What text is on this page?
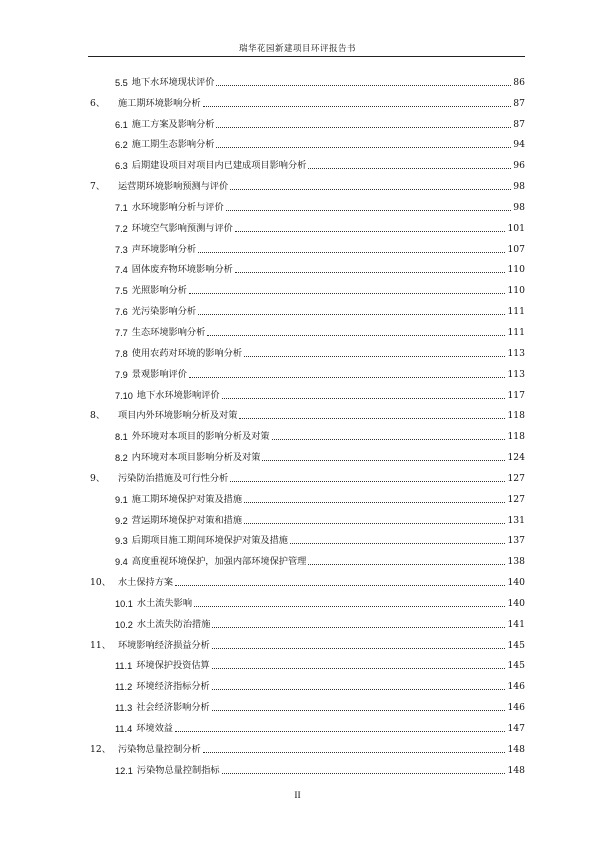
瑞华花园新建项目环评报告书
5.5 地下水环境现状评价	86
6、	施工期环境影响分析	87
6.1 施工方案及影响分析	87
6.2 施工期生态影响分析	94
6.3 后期建设项目对项目内已建成项目影响分析	96
7、	运营期环境影响预测与评价	98
7.1 水环境影响分析与评价	98
7.2 环境空气影响预测与评价	101
7.3 声环境影响分析	107
7.4 固体废弃物环境影响分析	110
7.5 光照影响分析	110
7.6 光污染影响分析	111
7.7 生态环境影响分析	111
7.8 使用农药对环境的影响分析	113
7.9 景观影响评价	113
7.10 地下水环境影响评价	117
8、	项目内外环境影响分析及对策	118
8.1 外环境对本项目的影响分析及对策	118
8.2 内环境对本项目影响分析及对策	124
9、	污染防治措施及可行性分析	127
9.1 施工期环境保护对策及措施	127
9.2 营运期环境保护对策和措施	131
9.3 后期项目施工期间环境保护对策及措施	137
9.4 高度重视环境保护，加强内部环境保护管理	138
10、 水土保持方案	140
10.1 水土流失影响	140
10.2 水土流失防治措施	141
11、 环境影响经济损益分析	145
11.1 环境保护投资估算	145
11.2 环境经济指标分析	146
11.3 社会经济影响分析	146
11.4 环境效益	147
12、 污染物总量控制分析	148
12.1 污染物总量控制指标	148
II
